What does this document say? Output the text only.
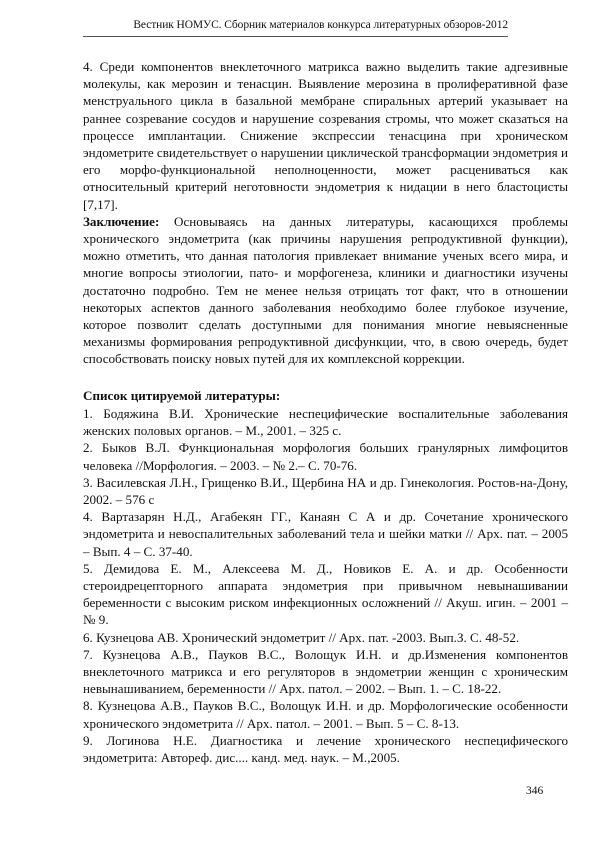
Вестник НОМУС. Сборник материалов конкурса литературных обзоров-2012

4. Среди компонентов внеклеточного матрикса важно выделить такие адгезивные молекулы, как мерозин и тенасцин. Выявление мерозина в пролиферативной фазе менструального цикла в базальной мембране спиральных артерий указывает на раннее созревание сосудов и нарушение созревания стромы, что может сказаться на процессе имплантации. Снижение экспрессии тенасцина при хроническом эндометрите свидетельствует о нарушении циклической трансформации эндометрия и его морфо-функциональной неполноценности, может расцениваться как относительный критерий неготовности эндометрия к нидации в него бластоцисты [7,17].

Заключение: Основываясь на данных литературы, касающихся проблемы хронического эндометрита (как причины нарушения репродуктивной функции), можно отметить, что данная патология привлекает внимание ученых всего мира, и многие вопросы этиологии, пато- и морфогенеза, клиники и диагностики изучены достаточно подробно. Тем не менее нельзя отрицать тот факт, что в отношении некоторых аспектов данного заболевания необходимо более глубокое изучение, которое позволит сделать доступными для понимания многие невыясненные механизмы формирования репродуктивной дисфункции, что, в свою очередь, будет способствовать поиску новых путей для их комплексной коррекции.

Список цитируемой литературы:

1. Бодяжина В.И. Хронические неспецифические воспалительные заболевания женских половых органов. – М., 2001. – 325 с.

2. Быков В.Л. Функциональная морфология больших гранулярных лимфоцитов человека //Морфология. – 2003. – № 2.– С. 70-76.

3. Василевская Л.Н., Грищенко В.И., Щербина НА и др. Гинекология. Ростов-на-Дону, 2002. – 576 с

4. Вартазарян Н.Д., Агабекян ГГ., Канаян С А и др. Сочетание хронического эндометрита и невоспалительных заболеваний тела и шейки матки // Арх. пат. – 2005 – Вып. 4 – С. 37-40.

5. Демидова Е. М., Алексеева М. Д., Новиков Е. А. и др. Особенности стероидрецепторного аппарата эндометрия при привычном невынашивании беременности с высоким риском инфекционных осложнений // Акуш. игин. – 2001 – № 9.

6. Кузнецова АВ. Хронический эндометрит // Арх. пат. -2003. Вып.З. С. 48-52.

7. Кузнецова А.В., Пауков В.С., Волощук И.Н. и др.Изменения компонентов внеклеточного матрикса и его регуляторов в эндометрии женщин с хроническим невынашиванием, беременности // Арх. патол. – 2002. – Вып. 1. – С. 18-22.

8. Кузнецова А.В., Пауков В.С., Волощук И.Н. и др. Морфологические особенности хронического эндометрита // Арх. патол. – 2001. – Вып. 5 – С. 8-13.

9. Логинова Н.Е. Диагностика и лечение хронического неспецифического эндометрита: Автореф. дис.... канд. мед. наук. – М.,2005.

346
